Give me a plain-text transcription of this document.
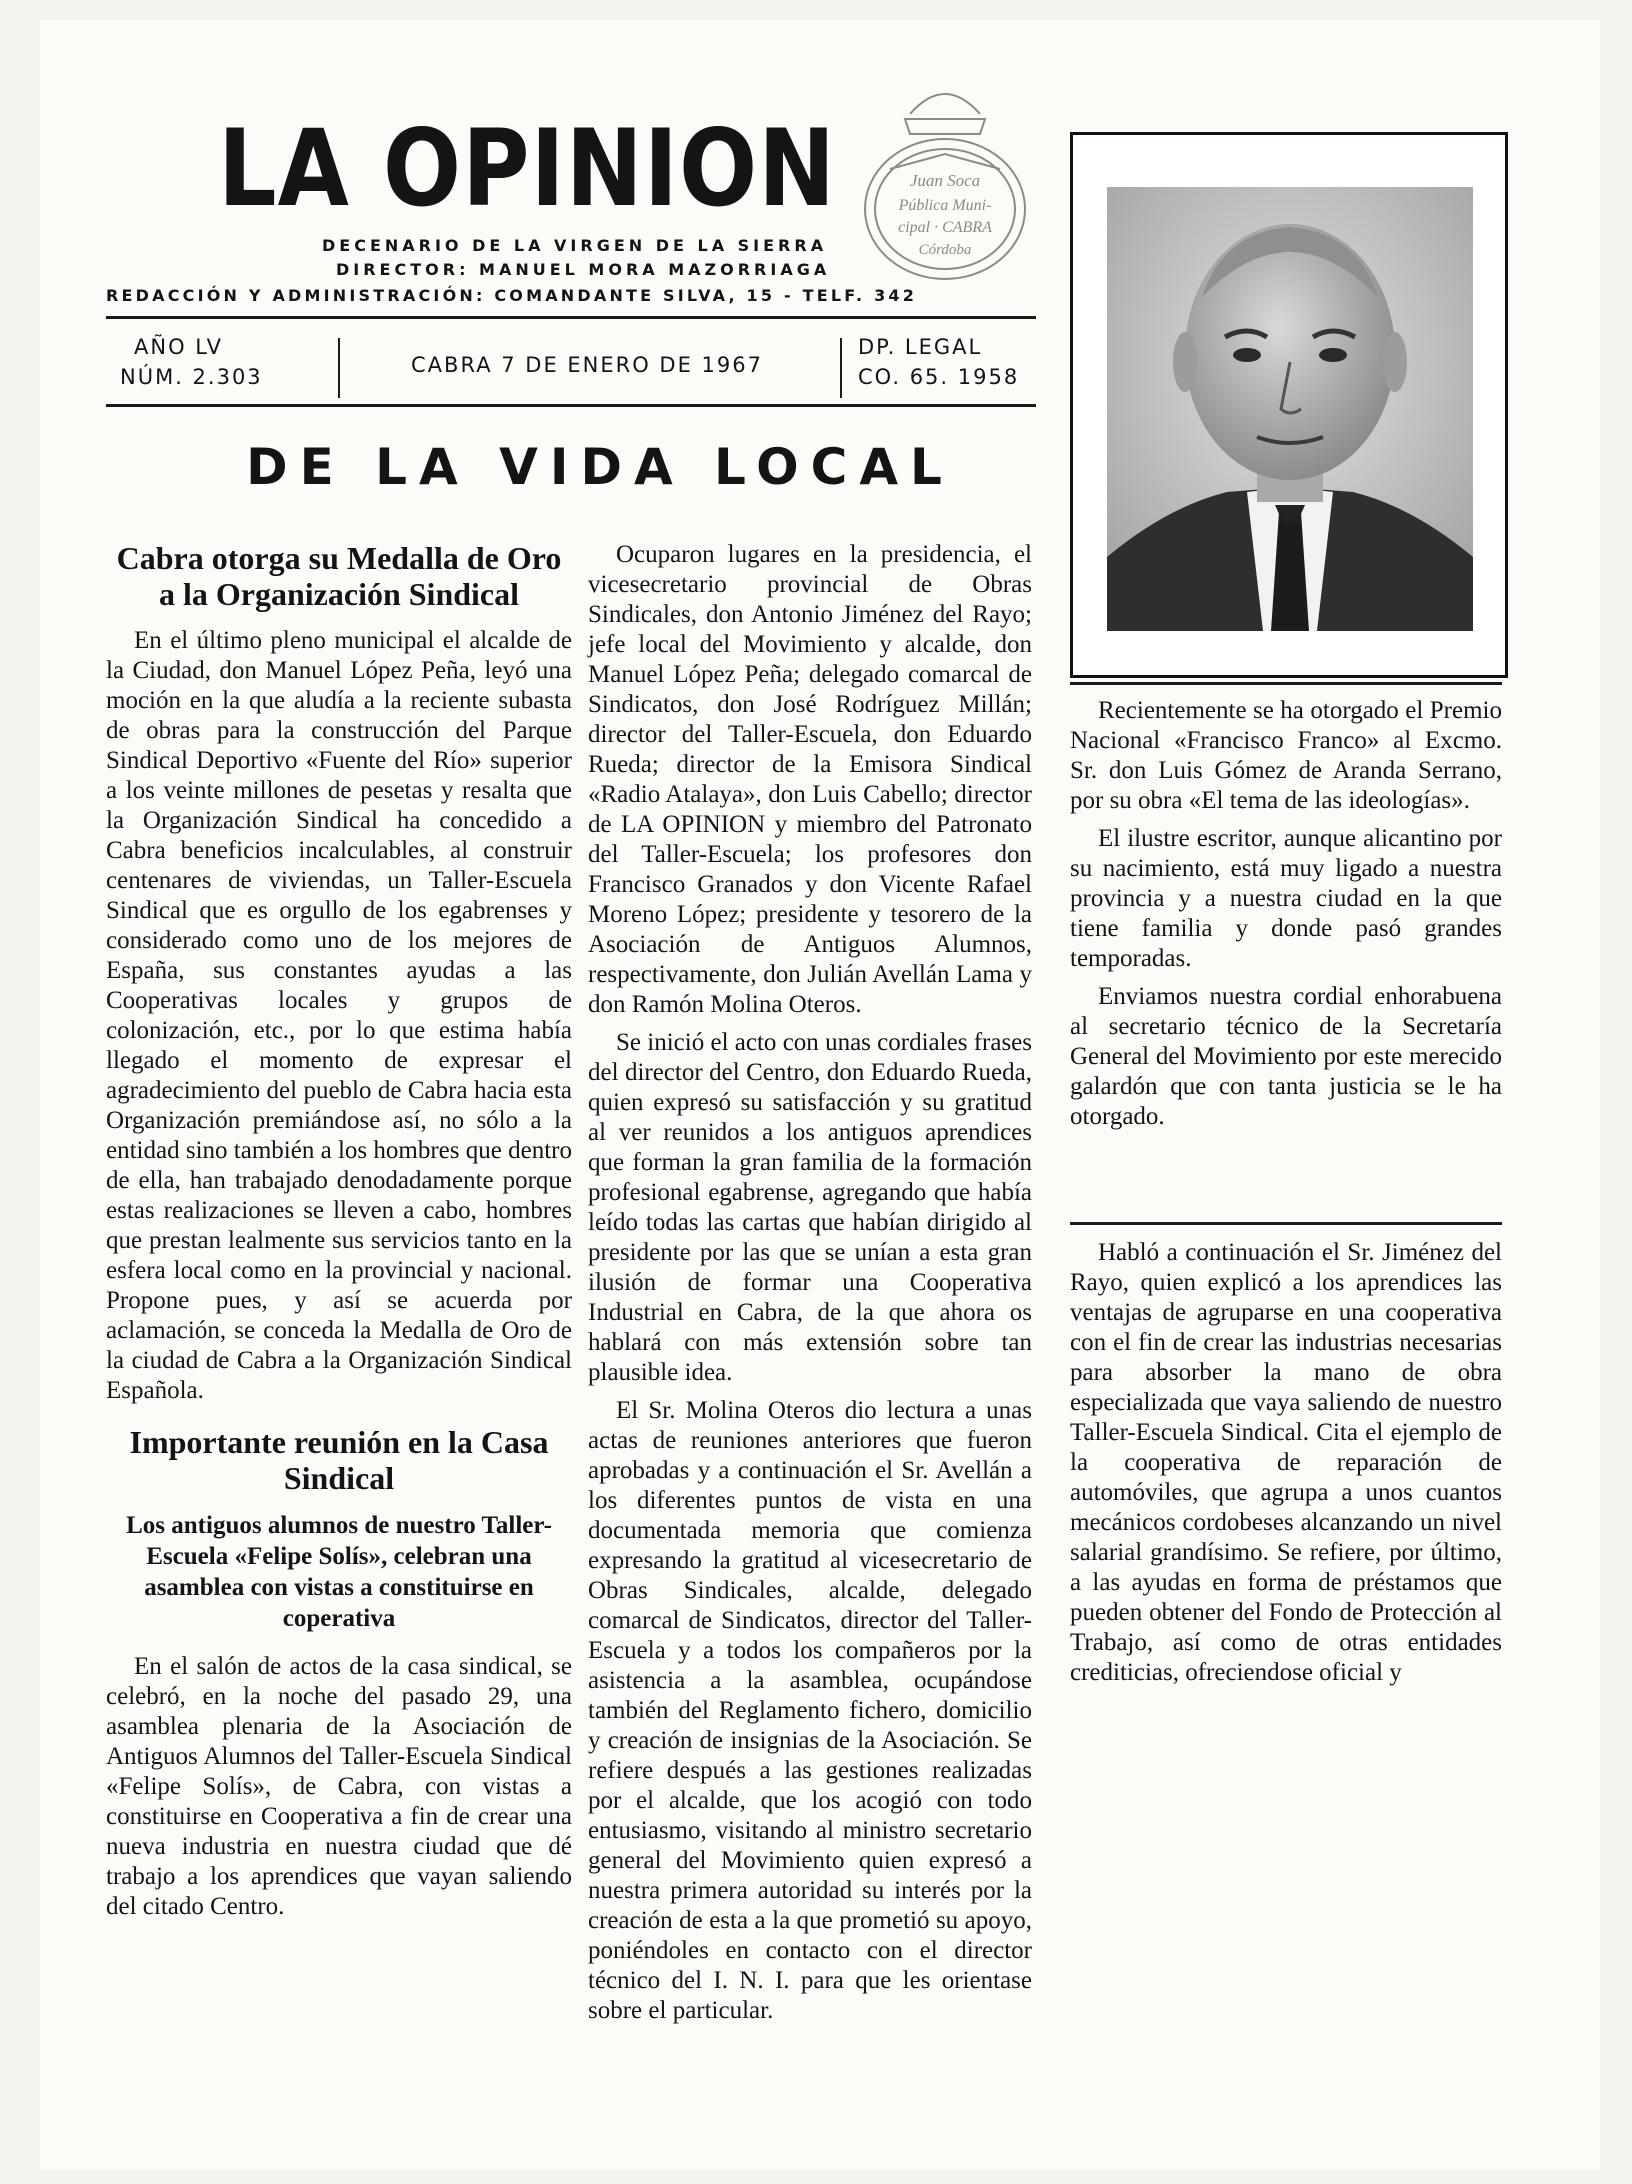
LA OPINION	Juan Soca
Pública Muni-
cipal · CABRA
Córdoba
DECENARIO DE LA VIRGEN DE LA SIERRA
DIRECTOR: MANUEL MORA MAZORRIAGA
REDACCIÓN Y ADMINISTRACIÓN: COMANDANTE SILVA, 15 - TELF. 342
AÑO LV
NÚM. 2.303	CABRA 7 DE ENERO DE 1967
DP. LEGAL
CO. 65. 1958
DE LA VIDA LOCAL
Cabra otorga su Medalla de Oro a la Organización Sindical

En el último pleno municipal el alcalde de la Ciudad, don Manuel López Peña, leyó una moción en la que aludía a la reciente subasta de obras para la construcción del Parque Sindical Deportivo «Fuente del Río» superior a los veinte millones de pesetas y resalta que la Organización Sindical ha concedido a Cabra beneficios incalculables, al construir centenares de viviendas, un Taller-Escuela Sindical que es orgullo de los egabrenses y considerado como uno de los mejores de España, sus constantes ayudas a las Cooperativas locales y grupos de colonización, etc., por lo que estima había llegado el momento de expresar el agradecimiento del pueblo de Cabra hacia esta Organización premiándose así, no sólo a la entidad sino también a los hombres que dentro de ella, han trabajado denodadamente porque estas realizaciones se lleven a cabo, hombres que prestan lealmente sus servicios tanto en la esfera local como en la provincial y nacional. Propone pues, y así se acuerda por aclamación, se conceda la Medalla de Oro de la ciudad de Cabra a la Organización Sindical Española.

Importante reunión en la Casa Sindical
Los antiguos alumnos de nuestro Taller-Escuela «Felipe Solís», celebran una asamblea con vistas a constituirse en coperativa

En el salón de actos de la casa sindical, se celebró, en la noche del pasado 29, una asamblea plenaria de la Asociación de Antiguos Alumnos del Taller-Escuela Sindical «Felipe Solís», de Cabra, con vistas a constituirse en Cooperativa a fin de crear una nueva industria en nuestra ciudad que dé trabajo a los aprendices que vayan saliendo del citado Centro.

Ocuparon lugares en la presidencia, el vicesecretario provincial de Obras Sindicales, don Antonio Jiménez del Rayo; jefe local del Movimiento y alcalde, don Manuel López Peña; delegado comarcal de Sindicatos, don José Rodríguez Millán; director del Taller-Escuela, don Eduardo Rueda; director de la Emisora Sindical «Radio Atalaya», don Luis Cabello; director de LA OPINION y miembro del Patronato del Taller-Escuela; los profesores don Francisco Granados y don Vicente Rafael Moreno López; presidente y tesorero de la Asociación de Antiguos Alumnos, respectivamente, don Julián Avellán Lama y don Ramón Molina Oteros.

Se inició el acto con unas cordiales frases del director del Centro, don Eduardo Rueda, quien expresó su satisfacción y su gratitud al ver reunidos a los antiguos aprendices que forman la gran familia de la formación profesional egabrense, agregando que había leído todas las cartas que habían dirigido al presidente por las que se unían a esta gran ilusión de formar una Cooperativa Industrial en Cabra, de la que ahora os hablará con más extensión sobre tan plausible idea.

El Sr. Molina Oteros dio lectura a unas actas de reuniones anteriores que fueron aprobadas y a continuación el Sr. Avellán a los diferentes puntos de vista en una documentada memoria que comienza expresando la gratitud al vicesecretario de Obras Sindicales, alcalde, delegado comarcal de Sindicatos, director del Taller-Escuela y a todos los compañeros por la asistencia a la asamblea, ocupándose también del Reglamento fichero, domicilio y creación de insignias de la Asociación. Se refiere después a las gestiones realizadas por el alcalde, que los acogió con todo entusiasmo, visitando al ministro secretario general del Movimiento quien expresó a nuestra primera autoridad su interés por la creación de esta a la que prometió su apoyo, poniéndoles en contacto con el director técnico del I. N. I. para que les orientase sobre el particular.

Recientemente se ha otorgado el Premio Nacional «Francisco Franco» al Excmo. Sr. don Luis Gómez de Aranda Serrano, por su obra «El tema de las ideologías».

El ilustre escritor, aunque alicantino por su nacimiento, está muy ligado a nuestra provincia y a nuestra ciudad en la que tiene familia y donde pasó grandes temporadas.

Enviamos nuestra cordial enhorabuena al secretario técnico de la Secretaría General del Movimiento por este merecido galardón que con tanta justicia se le ha otorgado.

Habló a continuación el Sr. Jiménez del Rayo, quien explicó a los aprendices las ventajas de agruparse en una cooperativa con el fin de crear las industrias necesarias para absorber la mano de obra especializada que vaya saliendo de nuestro Taller-Escuela Sindical. Cita el ejemplo de la cooperativa de reparación de automóviles, que agrupa a unos cuantos mecánicos cordobeses alcanzando un nivel salarial grandísimo. Se refiere, por último, a las ayudas en forma de préstamos que pueden obtener del Fondo de Protección al Trabajo, así como de otras entidades crediticias, ofreciendose oficial y
